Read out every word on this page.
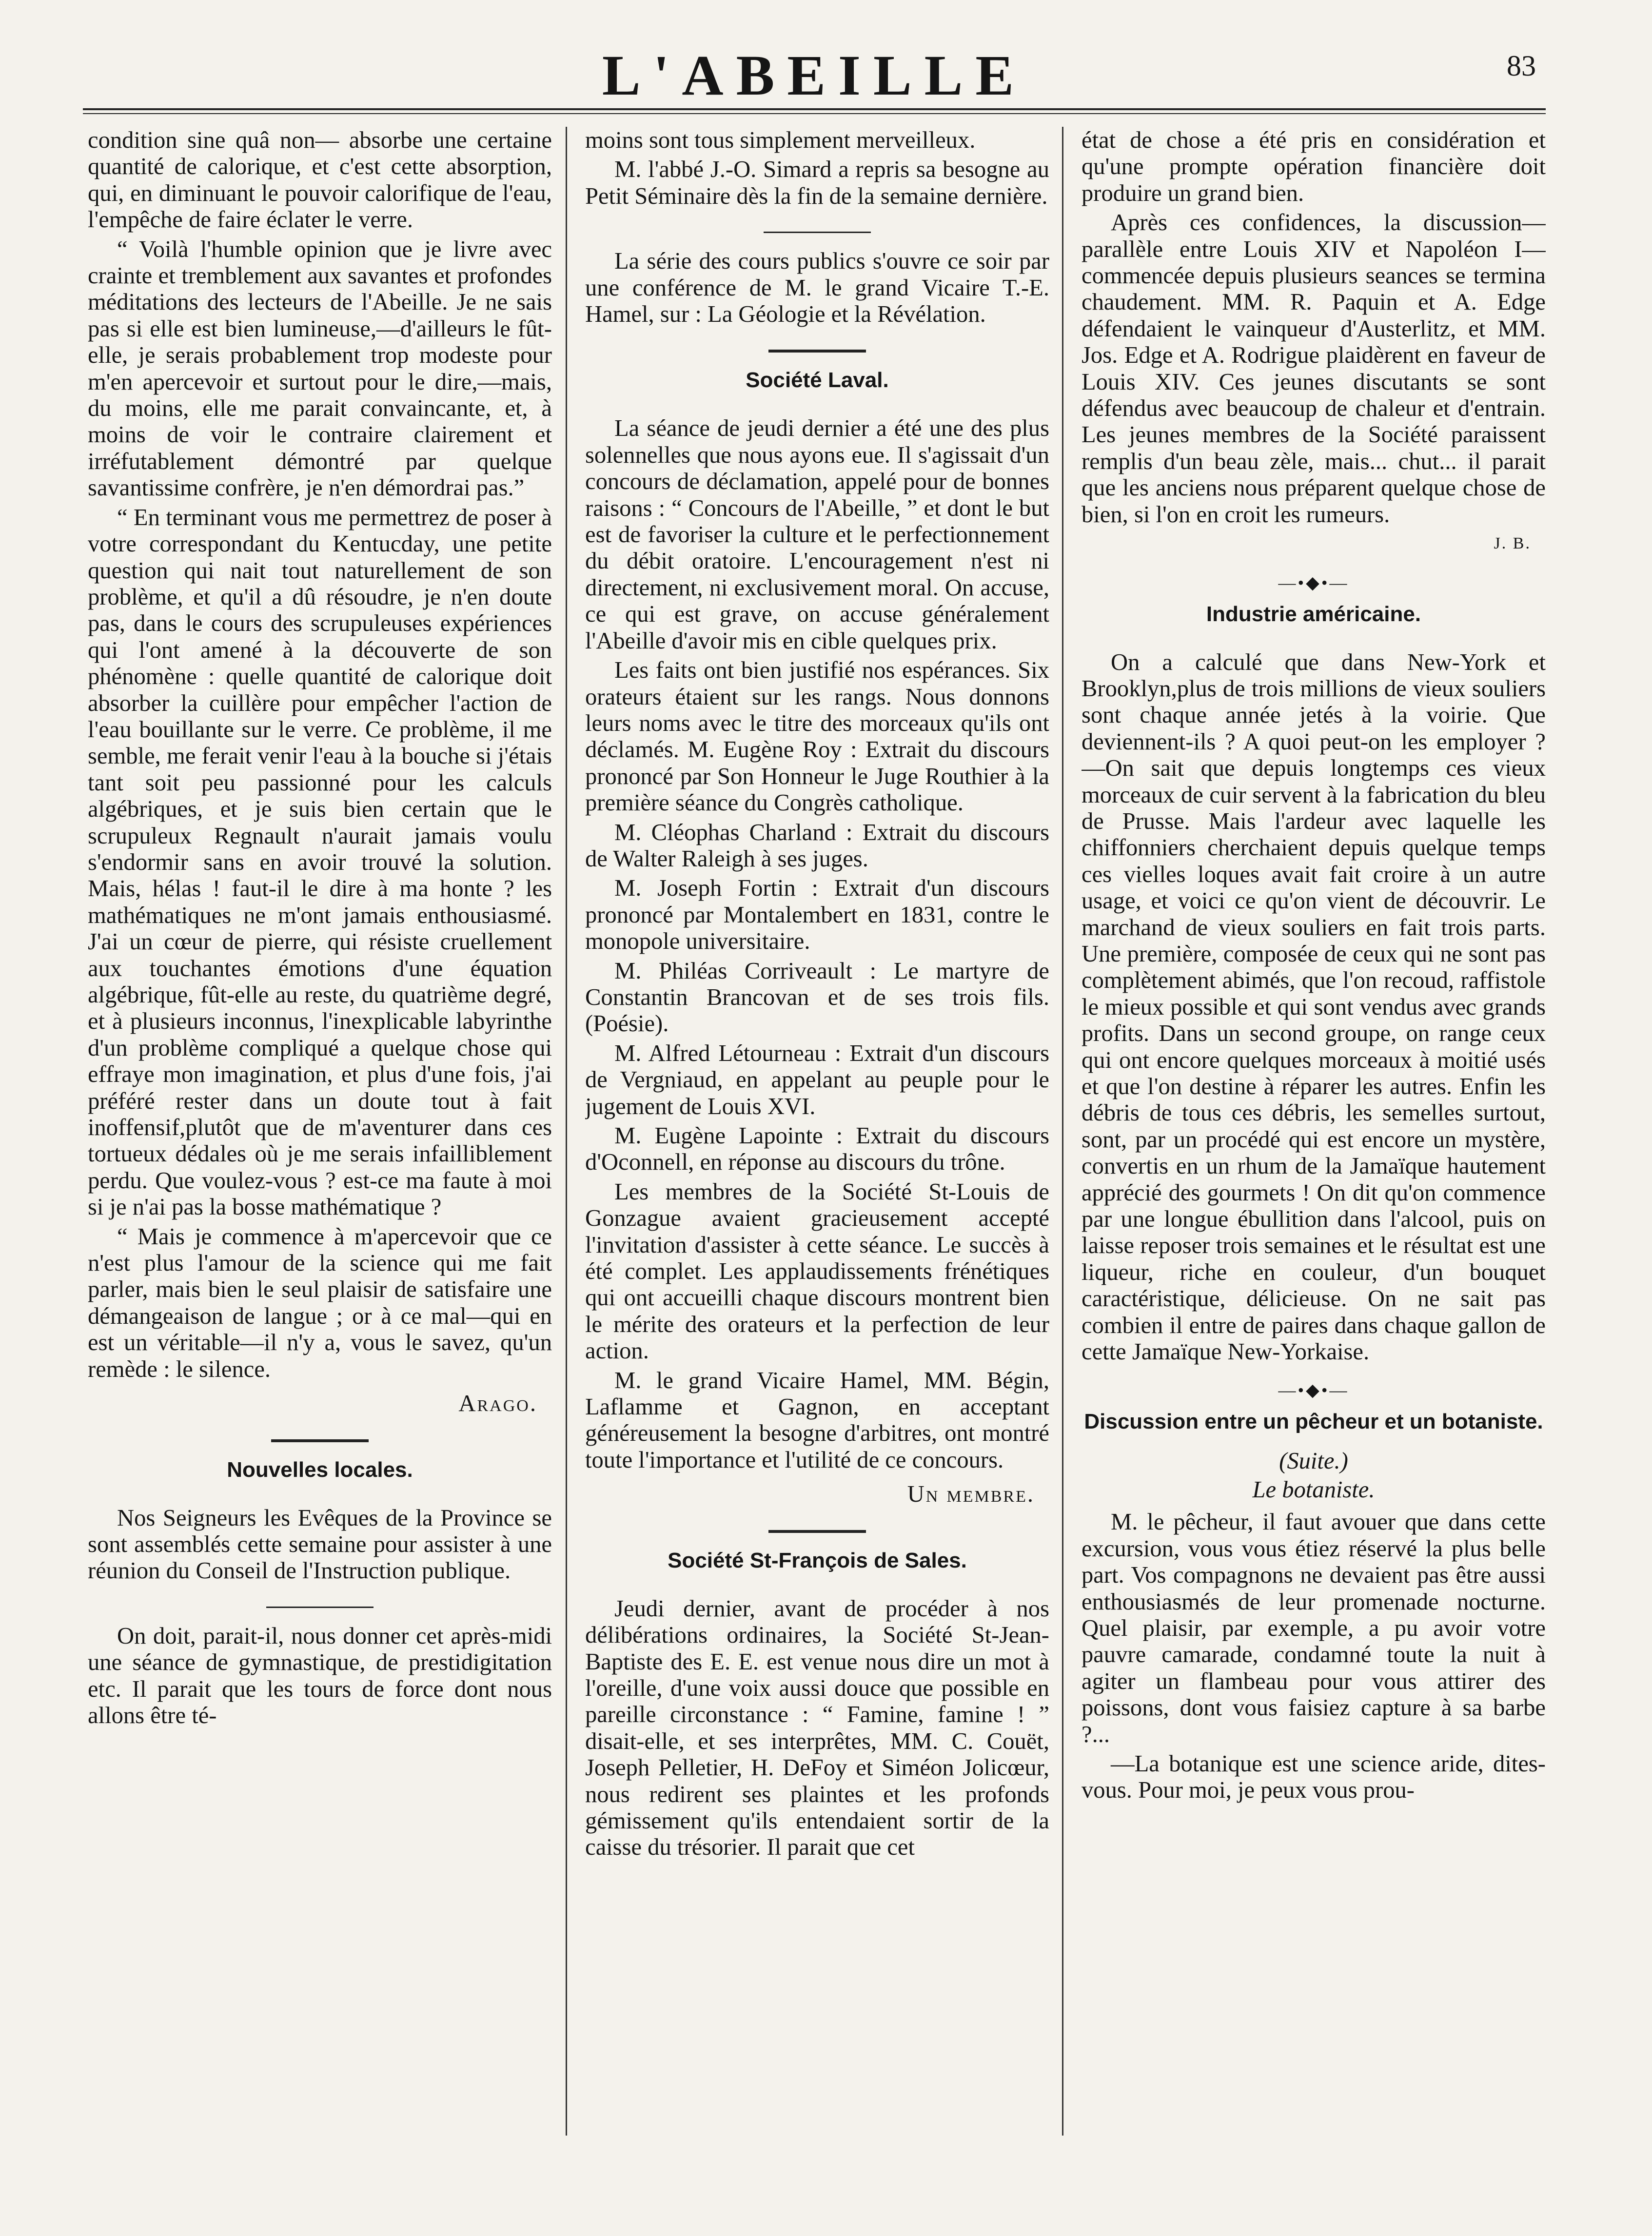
L'ABEILLE	83

condition sine quâ non— absorbe une certaine quantité de calorique, et c'est cette absorption, qui, en diminuant le pouvoir calorifique de l'eau, l'empêche de faire éclater le verre.

“ Voilà l'humble opinion que je livre avec crainte et tremblement aux savantes et profondes méditations des lecteurs de l'Abeille. Je ne sais pas si elle est bien lumineuse,—d'ailleurs le fût-elle, je serais probablement trop modeste pour m'en apercevoir et surtout pour le dire,—mais, du moins, elle me parait convaincante, et, à moins de voir le contraire clairement et irréfutablement démontré par quelque savantissime confrère, je n'en démordrai pas.”

“ En terminant vous me permettrez de poser à votre correspondant du Kentucday, une petite question qui nait tout naturellement de son problème, et qu'il a dû résoudre, je n'en doute pas, dans le cours des scrupuleuses expériences qui l'ont amené à la découverte de son phénomène : quelle quantité de calorique doit absorber la cuillère pour empêcher l'action de l'eau bouillante sur le verre. Ce problème, il me semble, me ferait venir l'eau à la bouche si j'étais tant soit peu passionné pour les calculs algébriques, et je suis bien certain que le scrupuleux Regnault n'aurait jamais voulu s'endormir sans en avoir trouvé la solution. Mais, hélas ! faut-il le dire à ma honte ? les mathématiques ne m'ont jamais enthousiasmé. J'ai un cœur de pierre, qui résiste cruellement aux touchantes émotions d'une équation algébrique, fût-elle au reste, du quatrième degré, et à plusieurs inconnus, l'inexplicable labyrinthe d'un problème compliqué a quelque chose qui effraye mon imagination, et plus d'une fois, j'ai préféré rester dans un doute tout à fait inoffensif,plutôt que de m'aventurer dans ces tortueux dédales où je me serais infailliblement perdu. Que voulez-vous ? est-ce ma faute à moi si je n'ai pas la bosse mathématique ?

“ Mais je commence à m'apercevoir que ce n'est plus l'amour de la science qui me fait parler, mais bien le seul plaisir de satisfaire une démangeaison de langue ; or à ce mal—qui en est un véritable—il n'y a, vous le savez, qu'un remède : le silence.

Arago.
Nouvelles locales.

Nos Seigneurs les Evêques de la Province se sont assemblés cette semaine pour assister à une réunion du Conseil de l'Instruction publique.

On doit, parait-il, nous donner cet après-midi une séance de gymnastique, de prestidigitation etc. Il parait que les tours de force dont nous allons être té-

moins sont tous simplement merveilleux.

M. l'abbé J.-O. Simard a repris sa besogne au Petit Séminaire dès la fin de la semaine dernière.

La série des cours publics s'ouvre ce soir par une conférence de M. le grand Vicaire T.-E. Hamel, sur : La Géologie et la Révélation.

Société Laval.

La séance de jeudi dernier a été une des plus solennelles que nous ayons eue. Il s'agissait d'un concours de déclamation, appelé pour de bonnes raisons : “ Concours de l'Abeille, ” et dont le but est de favoriser la culture et le perfectionnement du débit oratoire. L'encouragement n'est ni directement, ni exclusivement moral. On accuse, ce qui est grave, on accuse généralement l'Abeille d'avoir mis en cible quelques prix.

Les faits ont bien justifié nos espérances. Six orateurs étaient sur les rangs. Nous donnons leurs noms avec le titre des morceaux qu'ils ont déclamés. M. Eugène Roy : Extrait du discours prononcé par Son Honneur le Juge Routhier à la première séance du Congrès catholique.

M. Cléophas Charland : Extrait du discours de Walter Raleigh à ses juges.

M. Joseph Fortin : Extrait d'un discours prononcé par Montalembert en 1831, contre le monopole universitaire.

M. Philéas Corriveault : Le martyre de Constantin Brancovan et de ses trois fils. (Poésie).

M. Alfred Létourneau : Extrait d'un discours de Vergniaud, en appelant au peuple pour le jugement de Louis XVI.

M. Eugène Lapointe : Extrait du discours d'Oconnell, en réponse au discours du trône.

Les membres de la Société St-Louis de Gonzague avaient gracieusement accepté l'invitation d'assister à cette séance. Le succès à été complet. Les applaudissements frénétiques qui ont accueilli chaque discours montrent bien le mérite des orateurs et la perfection de leur action.

M. le grand Vicaire Hamel, MM. Bégin, Laflamme et Gagnon, en acceptant généreusement la besogne d'arbitres, ont montré toute l'importance et l'utilité de ce concours.

Un membre.
Société St-François de Sales.

Jeudi dernier, avant de procéder à nos délibérations ordinaires, la Société St-Jean-Baptiste des E. E. est venue nous dire un mot à l'oreille, d'une voix aussi douce que possible en pareille circonstance : “ Famine, famine ! ” disait-elle, et ses interprêtes, MM. C. Couët, Joseph Pelletier, H. DeFoy et Siméon Jolicœur, nous redirent ses plaintes et les profonds gémissement qu'ils entendaient sortir de la caisse du trésorier. Il parait que cet

état de chose a été pris en considération et qu'une prompte opération financière doit produire un grand bien.

Après ces confidences, la discussion—parallèle entre Louis XIV et Napoléon I— commencée depuis plusieurs seances se termina chaudement. MM. R. Paquin et A. Edge défendaient le vainqueur d'Austerlitz, et MM. Jos. Edge et A. Rodrigue plaidèrent en faveur de Louis XIV. Ces jeunes discutants se sont défendus avec beaucoup de chaleur et d'entrain. Les jeunes membres de la Société paraissent remplis d'un beau zèle, mais... chut... il parait que les anciens nous préparent quelque chose de bien, si l'on en croit les rumeurs.

J. B.
—•◆•—
Industrie américaine.

On a calculé que dans New-York et Brooklyn,plus de trois millions de vieux souliers sont chaque année jetés à la voirie. Que deviennent-ils ? A quoi peut-on les employer ?—On sait que depuis longtemps ces vieux morceaux de cuir servent à la fabrication du bleu de Prusse. Mais l'ardeur avec laquelle les chiffonniers cherchaient depuis quelque temps ces vielles loques avait fait croire à un autre usage, et voici ce qu'on vient de découvrir. Le marchand de vieux souliers en fait trois parts. Une première, composée de ceux qui ne sont pas complètement abimés, que l'on recoud, raffistole le mieux possible et qui sont vendus avec grands profits. Dans un second groupe, on range ceux qui ont encore quelques morceaux à moitié usés et que l'on destine à réparer les autres. Enfin les débris de tous ces débris, les semelles surtout, sont, par un procédé qui est encore un mystère, convertis en un rhum de la Jamaïque hautement apprécié des gourmets ! On dit qu'on commence par une longue ébullition dans l'alcool, puis on laisse reposer trois semaines et le résultat est une liqueur, riche en couleur, d'un bouquet caractéristique, délicieuse. On ne sait pas combien il entre de paires dans chaque gallon de cette Jamaïque New-Yorkaise.

—•◆•—
Discussion entre un pêcheur et un botaniste.
(Suite.)
Le botaniste.

M. le pêcheur, il faut avouer que dans cette excursion, vous vous étiez réservé la plus belle part. Vos compagnons ne devaient pas être aussi enthousiasmés de leur promenade nocturne. Quel plaisir, par exemple, a pu avoir votre pauvre camarade, condamné toute la nuit à agiter un flambeau pour vous attirer des poissons, dont vous faisiez capture à sa barbe ?...

—La botanique est une science aride, dites-vous. Pour moi, je peux vous prou-
